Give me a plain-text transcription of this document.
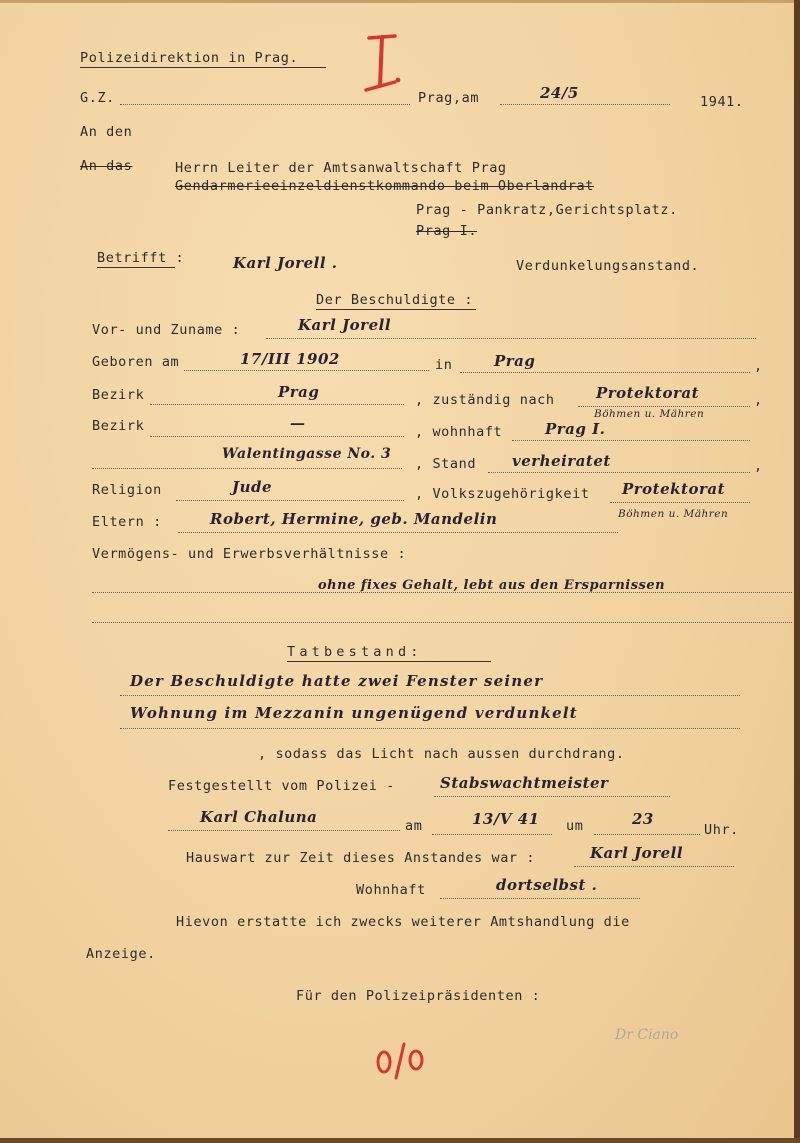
Polizeidirektion in Prag.
G.Z.	Prag,am	24/5	1941.
An den
An das	Herrn Leiter der Amtsanwaltschaft Prag
Gendarmerieeinzeldienstkommando beim Oberlandrat
Prag - Pankratz,Gerichtsplatz.
Prag I.
Betrifft :	Karl Jorell .	Verdunkelungsanstand.
Der Beschuldigte :
Vor- und Zuname :	Karl Jorell
Geboren am	17/III 1902	in	Prag	,
Bezirk	Prag	, zuständig nach	Protektorat
Böhmen u. Mähren
,
Bezirk	—	, wohnhaft	Prag I.
Walentingasse No. 3
, Stand verheiratet	,
Religion	Jude	, Volkszugehörigkeit Protektorat
Eltern :	Robert, Hermine, geb. Mandelin	Böhmen u. Mähren
Vermögens- und Erwerbsverhältnisse :
ohne fixes Gehalt, lebt aus den Ersparnissen
Tatbestand:
Der Beschuldigte hatte zwei Fenster seiner
Wohnung im Mezzanin ungenügend verdunkelt
, sodass das Licht nach aussen durchdrang.
Festgestellt vom Polizei -	Stabswachtmeister
Karl Chaluna	am	13/V 41 um	23
Uhr.
Hauswart zur Zeit dieses Anstandes war :	Karl Jorell
Wohnhaft	dortselbst .
Hievon erstatte ich zwecks weiterer Amtshandlung die
Anzeige.
Für den Polizeipräsidenten :
Dr Ciano
